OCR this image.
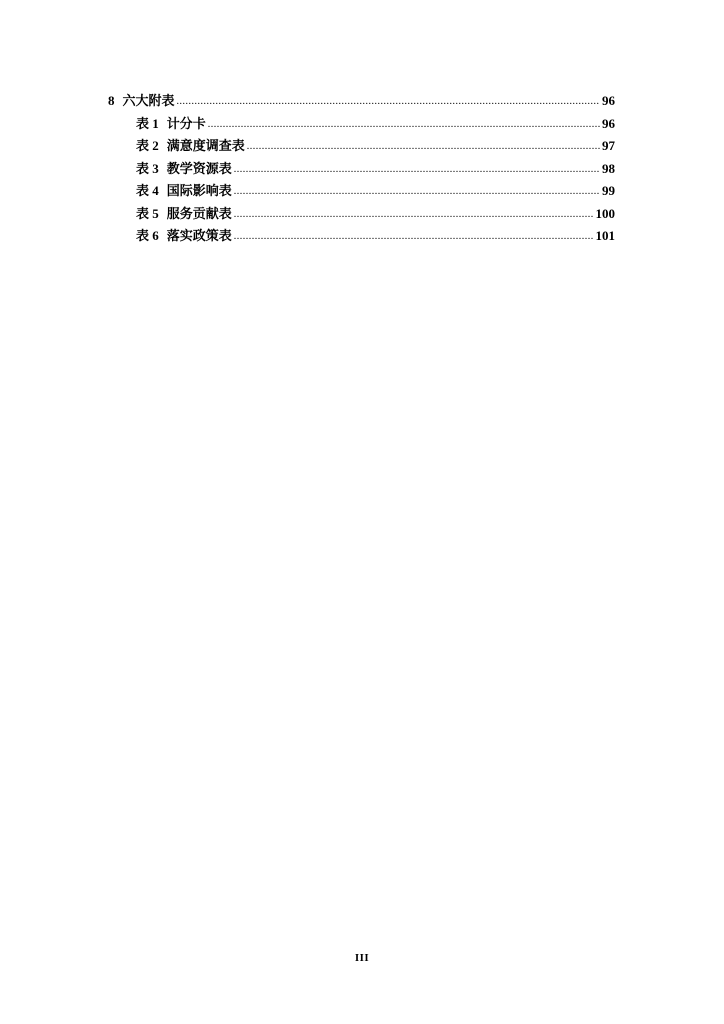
8 六大附表 .....	96
表 1 计分卡 .....	96
表 2 满意度调查表 .....	97
表 3 教学资源表 .....	98
表 4 国际影响表 .....	99
表 5 服务贡献表 .....	100
表 6 落实政策表 .....	101
III
